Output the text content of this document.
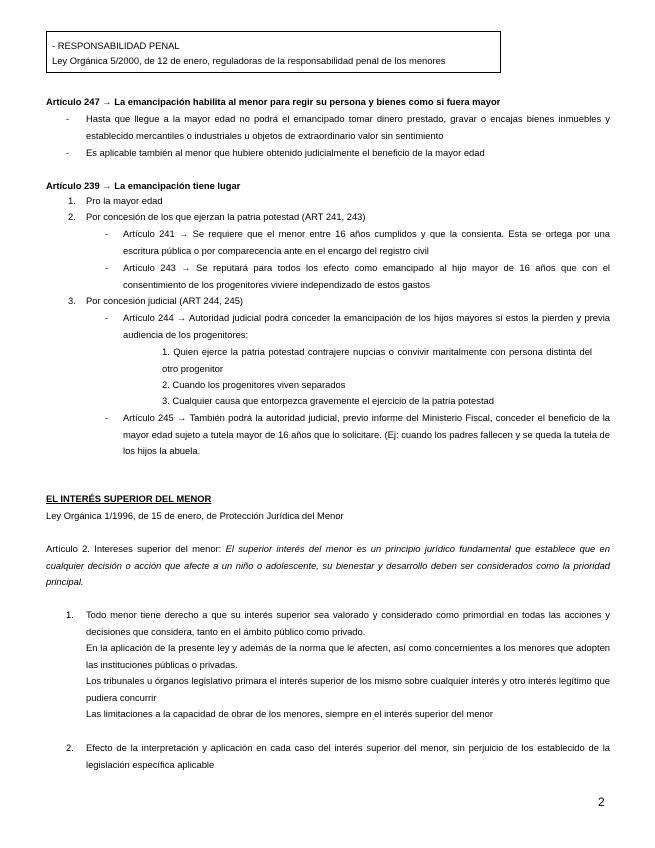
- RESPONSABILIDAD PENAL
Ley Orgánica 5/2000, de 12 de enero, reguladoras de la responsabilidad penal de los menores
Artículo 247 → La emancipación habilita al menor para regir su persona y bienes como si fuera mayor
- Hasta que llegue a la mayor edad no podrá el emancipado tomar dinero prestado, gravar o encajas bienes inmuebles y establecido mercantiles o industriales u objetos de extraordinario valor sin sentimiento
- Es aplicable también al menor que hubiere obtenido judicialmente el beneficio de la mayor edad
Artículo 239 → La emancipación tiene lugar
1. Pro la mayor edad
2. Por concesión de los que ejerzan la patria potestad (ART 241, 243)
- Artículo 241 → Se requiere que el menor entre 16 años cumplidos y que la consienta. Esta se ortega por una escritura pública o por comparecencia ante en el encargo del registro civil
- Artículo 243 → Se reputará para todos los efecto como emancipado al hijo mayor de 16 años que con el consentimiento de los progenitores viviere independizado de estos gastos
3. Por concesión judicial (ART 244, 245)
- Artículo 244 → Autoridad judicial podrá conceder la emancipación de los hijos mayores si estos la pierden y previa audiencia de los progenitores:
1. Quien ejerce la patria potestad contrajere nupcias o convivir maritalmente con persona distinta del otro progenitor
2. Cuando los progenitores viven separados
3. Cualquier causa que entorpezca gravemente el ejercicio de la patria potestad
- Artículo 245 → También podrá la autoridad judicial, previo informe del Ministerio Fiscal, conceder el beneficio de la mayor edad sujeto a tutela mayor de 16 años que lo solicitare. (Ej: cuando los padres fallecen y se queda la tutela de los hijos la abuela.
EL INTERÉS SUPERIOR DEL MENOR
Ley Orgánica 1/1996, de 15 de enero, de Protección Jurídica del Menor
Artículo 2. Intereses superior del menor: El superior interés del menor es un principio jurídico fundamental que establece que en cualquier decisión o acción que afecte a un niño o adolescente, su bienestar y desarrollo deben ser considerados como la prioridad principal.
1. Todo menor tiene derecho a que su interés superior sea valorado y considerado como primordial en todas las acciones y decisiones que considera, tanto en el ámbito público como privado.
En la aplicación de la presente ley y además de la norma que le afecten, así como concernientes a los menores que adopten las instituciones públicas o privadas.
Los tribunales u órganos legislativo primara el interés superior de los mismo sobre cualquier interés y otro interés legítimo que pudiera concurrir
Las limitaciones a la capacidad de obrar de los menores, siempre en el interés superior del menor
2. Efecto de la interpretación y aplicación en cada caso del interés superior del menor, sin perjuicio de los establecido de la legislación específica aplicable
2
